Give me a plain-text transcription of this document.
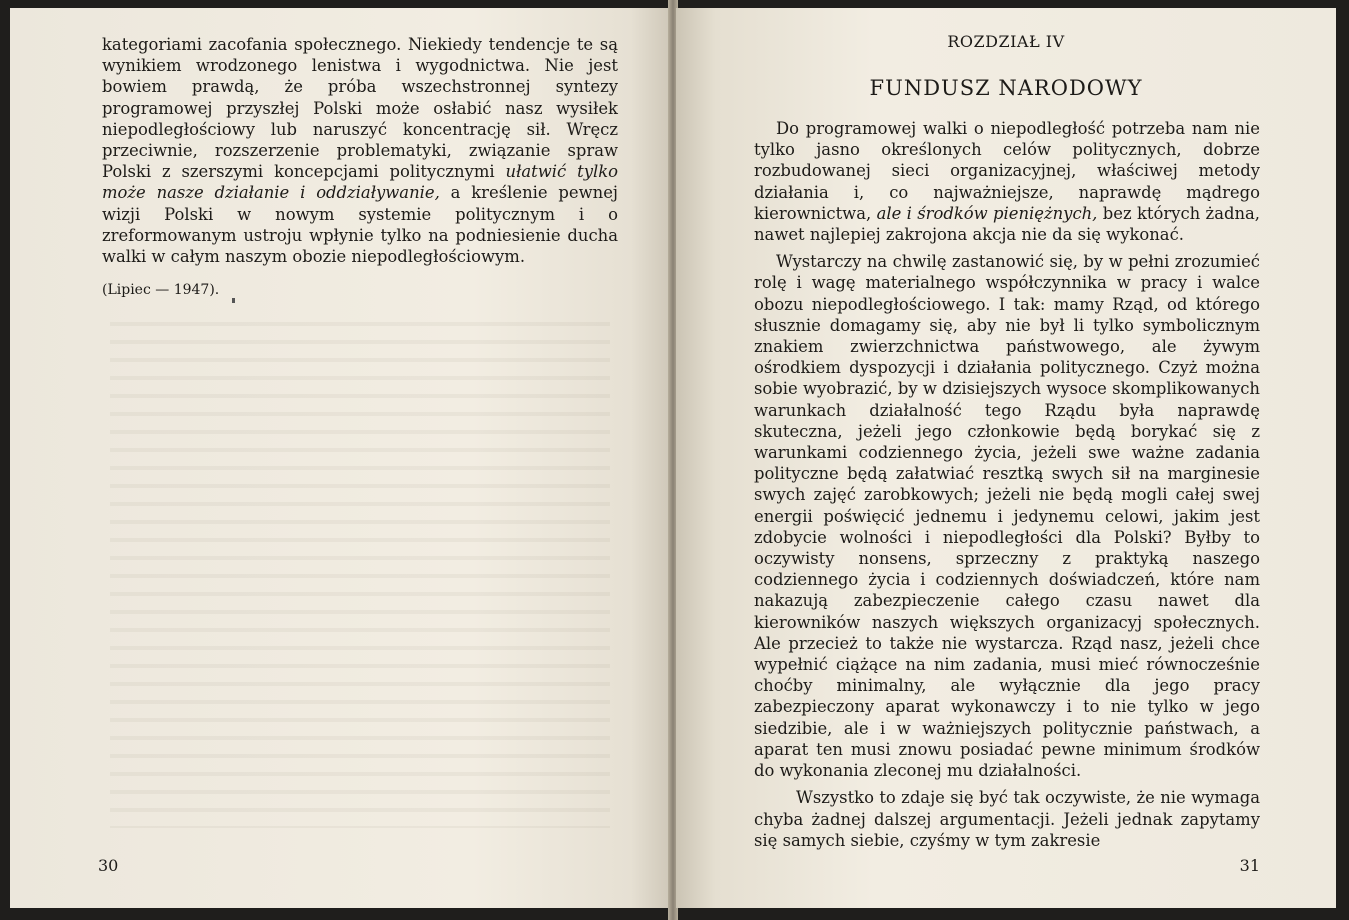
kategoriami zacofania społecznego. Niekiedy tendencje te są wynikiem wrodzonego lenistwa i wygodnictwa. Nie jest bowiem prawdą, że próba wszechstronnej syntezy programowej przyszłej Polski może osłabić nasz wysiłek niepodległościowy lub naruszyć koncentrację sił. Wręcz przeciwnie, rozszerzenie problematyki, związanie spraw Polski z szerszymi koncepcjami politycznymi ułatwić tylko może nasze działanie i oddziaływanie, a kreślenie pewnej wizji Polski w nowym systemie politycznym i o zreformowanym ustroju wpłynie tylko na podniesienie ducha walki w całym naszym obozie niepodległościowym.

(Lipiec — 1947).
30
ROZDZIAŁ IV
FUNDUSZ NARODOWY

Do programowej walki o niepodległość potrzeba nam nie tylko jasno określonych celów politycznych, dobrze rozbudowanej sieci organizacyjnej, właściwej metody działania i, co najważniejsze, naprawdę mądrego kierownictwa, ale i środków pieniężnych, bez których żadna, nawet najlepiej zakrojona akcja nie da się wykonać.

Wystarczy na chwilę zastanowić się, by w pełni zrozumieć rolę i wagę materialnego współczynnika w pracy i walce obozu niepodległościowego. I tak: mamy Rząd, od którego słusznie domagamy się, aby nie był li tylko symbolicznym znakiem zwierzchnictwa państwowego, ale żywym ośrodkiem dyspozycji i działania politycznego. Czyż można sobie wyobrazić, by w dzisiejszych wysoce skomplikowanych warunkach działalność tego Rządu była naprawdę skuteczna, jeżeli jego członkowie będą borykać się z warunkami codziennego życia, jeżeli swe ważne zadania polityczne będą załatwiać resztką swych sił na marginesie swych zajęć zarobkowych; jeżeli nie będą mogli całej swej energii poświęcić jednemu i jedynemu celowi, jakim jest zdobycie wolności i niepodległości dla Polski? Byłby to oczywisty nonsens, sprzeczny z praktyką naszego codziennego życia i codziennych doświadczeń, które nam nakazują zabezpieczenie całego czasu nawet dla kierowników naszych większych organizacyj społecznych. Ale przecież to także nie wystarcza. Rząd nasz, jeżeli chce wypełnić ciążące na nim zadania, musi mieć równocześnie choćby minimalny, ale wyłącznie dla jego pracy zabezpieczony aparat wykonawczy i to nie tylko w jego siedzibie, ale i w ważniejszych politycznie państwach, a aparat ten musi znowu posiadać pewne minimum środków do wykonania zleconej mu działalności.

Wszystko to zdaje się być tak oczywiste, że nie wymaga chyba żadnej dalszej argumentacji. Jeżeli jednak zapytamy się samych siebie, czyśmy w tym zakresie

31
